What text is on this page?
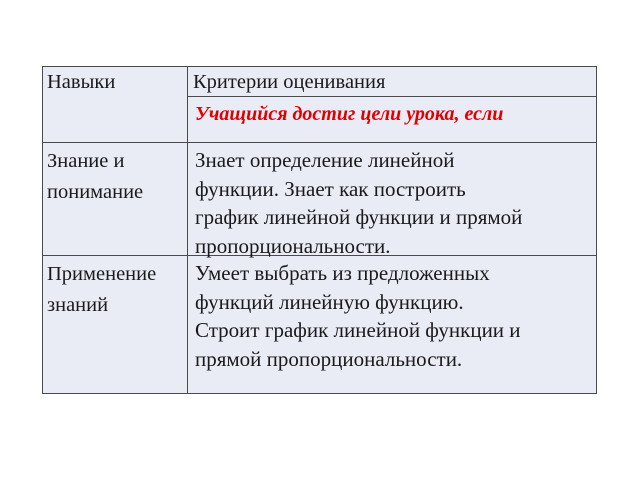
Навыки	Критерии оценивания
Учащийся достиг цели урока, если
Знание и
понимание
Знает определение линейной
функции. Знает как построить
график линейной функции и прямой
пропорциональности.
Применение
знаний
Умеет выбрать из предложенных
функций линейную функцию.
Строит график линейной функции и
прямой пропорциональности.
